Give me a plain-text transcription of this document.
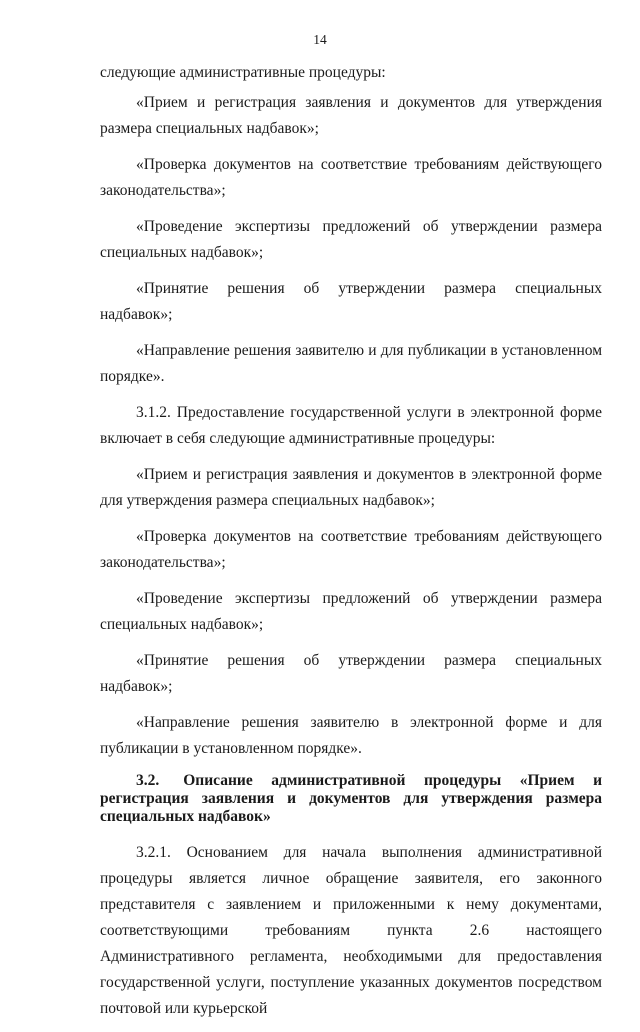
14

следующие административные процедуры:

«Прием и регистрация заявления и документов для утверждения размера специальных надбавок»;

«Проверка документов на соответствие требованиям действующего законодательства»;

«Проведение экспертизы предложений об утверждении размера специальных надбавок»;

«Принятие решения об утверждении размера специальных надбавок»;

«Направление решения заявителю и для публикации в установленном порядке».

3.1.2. Предоставление государственной услуги в электронной форме включает в себя следующие административные процедуры:

«Прием и регистрация заявления и документов в электронной форме для утверждения размера специальных надбавок»;

«Проверка документов на соответствие требованиям действующего законодательства»;

«Проведение экспертизы предложений об утверждении размера специальных надбавок»;

«Принятие решения об утверждении размера специальных надбавок»;

«Направление решения заявителю в электронной форме и для публикации в установленном порядке».

3.2. Описание административной процедуры «Прием и регистрация заявления и документов для утверждения размера специальных надбавок»

3.2.1. Основанием для начала выполнения административной процедуры является личное обращение заявителя, его законного представителя с заявлением и приложенными к нему документами, соответствующими требованиям пункта 2.6 настоящего Административного регламента, необходимыми для предоставления государственной услуги, поступление указанных документов посредством почтовой или курьерской
